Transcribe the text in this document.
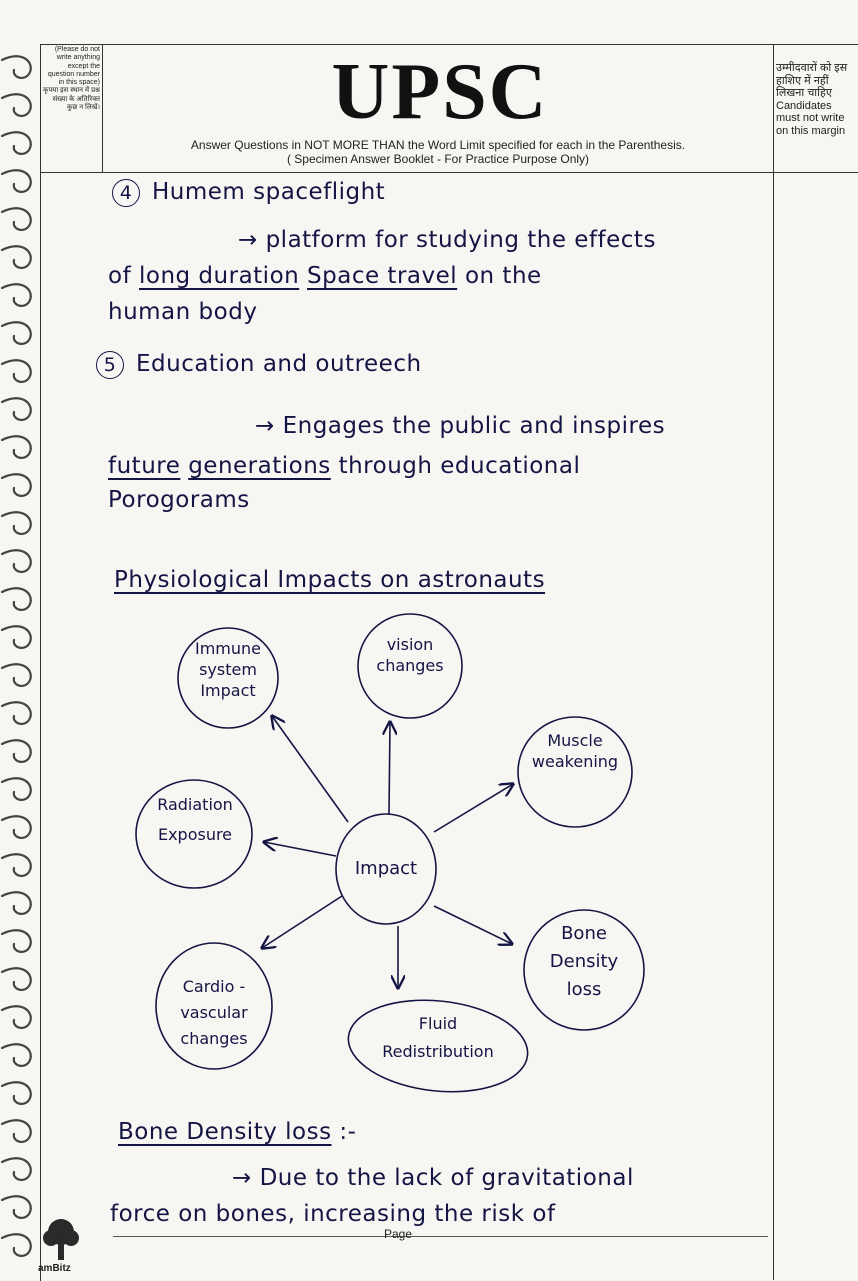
(Please do not write anything except the question number in this space) कृपया इस स्थान में प्रश्न संख्या के अतिरिक्त कुछ न लिखें।
उम्मीदवारों को इस हाशिए में नहीं लिखना चाहिए
Candidates must not write on this margin
UPSC
Answer Questions in NOT MORE THAN the Word Limit specified for each in the Parenthesis.
( Specimen Answer Booklet - For Practice Purpose Only)
4 Humem spaceflight
→ platform for studying the effects
of long duration Space travel on the
human body
5 Education and outreech
→ Engages the public and inspires
future generations through educational
Porogorams
Physiological Impacts on astronauts
Immune system Impact
vision changes
Muscle weakening
Radiation Exposure
Impact
Bone Density loss
Cardio - vascular changes
Fluid Redistribution
Bone Density loss :-
→ Due to the lack of gravitational
force on bones, increasing the risk of
Page
amBitz
